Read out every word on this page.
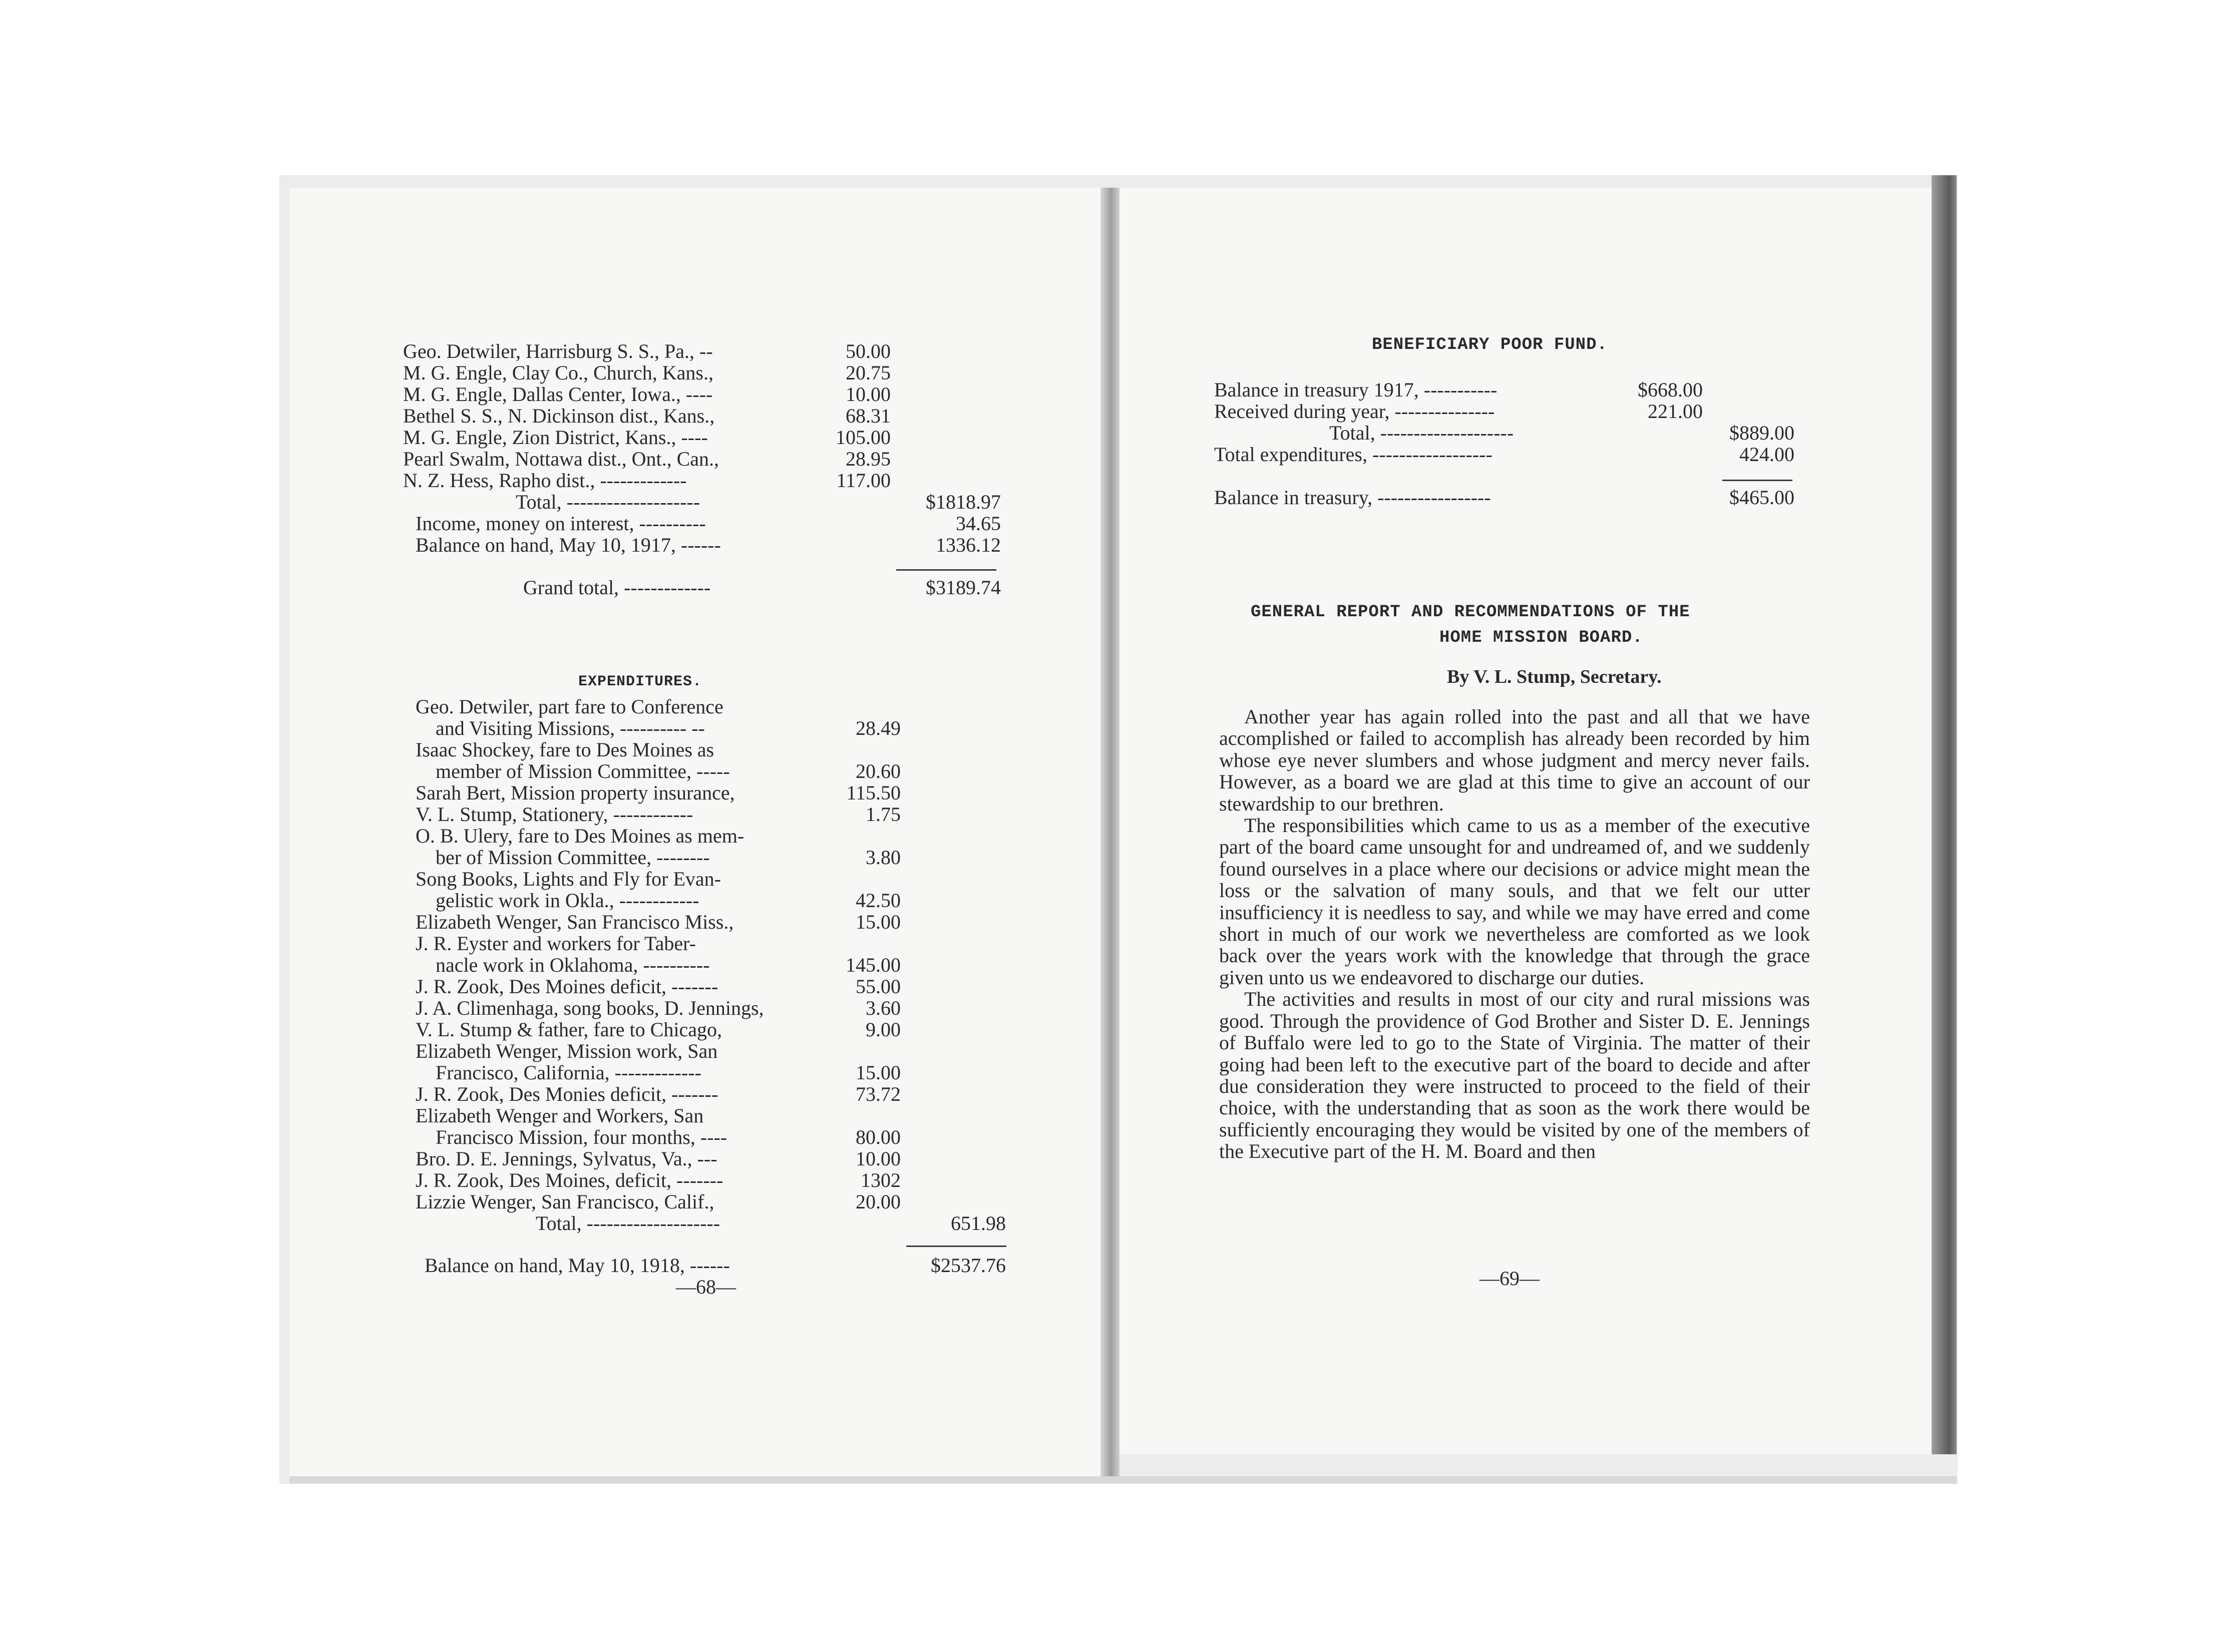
Geo. Detwiler, Harrisburg S. S., Pa., --	50.00
M. G. Engle, Clay Co., Church, Kans.,	20.75
M. G. Engle, Dallas Center, Iowa., ----	10.00
Bethel S. S., N. Dickinson dist., Kans.,	68.31
M. G. Engle, Zion District, Kans., ----	105.00
Pearl Swalm, Nottawa dist., Ont., Can.,	28.95
N. Z. Hess, Rapho dist., -------------	117.00
Total, --------------------	$1818.97
Income, money on interest, ----------	34.65
Balance on hand, May 10, 1917, ------	1336.12
Grand total, -------------	$3189.74
EXPENDITURES.
Geo. Detwiler, part fare to Conference
and Visiting Missions, ---------- --	28.49
Isaac Shockey, fare to Des Moines as
member of Mission Committee, -----	20.60
Sarah Bert, Mission property insurance,	115.50
V. L. Stump, Stationery, ------------	1.75
O. B. Ulery, fare to Des Moines as mem-
ber of Mission Committee, --------	3.80
Song Books, Lights and Fly for Evan-
gelistic work in Okla., ------------	42.50
Elizabeth Wenger, San Francisco Miss.,	15.00
J. R. Eyster and workers for Taber-
nacle work in Oklahoma, ----------	145.00
J. R. Zook, Des Moines deficit, -------	55.00
J. A. Climenhaga, song books, D. Jennings,	3.60
V. L. Stump & father, fare to Chicago,	9.00
Elizabeth Wenger, Mission work, San
Francisco, California, -------------	15.00
J. R. Zook, Des Monies deficit, -------	73.72
Elizabeth Wenger and Workers, San
Francisco Mission, four months, ----	80.00
Bro. D. E. Jennings, Sylvatus, Va., ---	10.00
J. R. Zook, Des Moines, deficit, -------	1302
Lizzie Wenger, San Francisco, Calif.,	20.00
Total, --------------------	651.98
Balance on hand, May 10, 1918, ------	$2537.76
—68—
BENEFICIARY POOR FUND.
Balance in treasury 1917, -----------	$668.00
Received during year, ---------------	221.00
Total, --------------------	$889.00
Total expenditures, ------------------	424.00
Balance in treasury, -----------------	$465.00
GENERAL REPORT AND RECOMMENDATIONS OF THE
HOME MISSION BOARD.
By V. L. Stump, Secretary.

Another year has again rolled into the past and all that we have accomplished or failed to accomplish has already been recorded by him whose eye never slumbers and whose judgment and mercy never fails. However, as a board we are glad at this time to give an account of our stewardship to our brethren.

The responsibilities which came to us as a member of the executive part of the board came unsought for and undreamed of, and we suddenly found ourselves in a place where our decisions or advice might mean the loss or the salvation of many souls, and that we felt our utter insufficiency it is needless to say, and while we may have erred and come short in much of our work we nevertheless are comforted as we look back over the years work with the knowledge that through the grace given unto us we endeavored to discharge our duties.

The activities and results in most of our city and rural missions was good. Through the providence of God Brother and Sister D. E. Jennings of Buffalo were led to go to the State of Virginia. The matter of their going had been left to the executive part of the board to decide and after due consideration they were instructed to proceed to the field of their choice, with the understanding that as soon as the work there would be sufficiently encouraging they would be visited by one of the members of the Executive part of the H. M. Board and then

—69—
